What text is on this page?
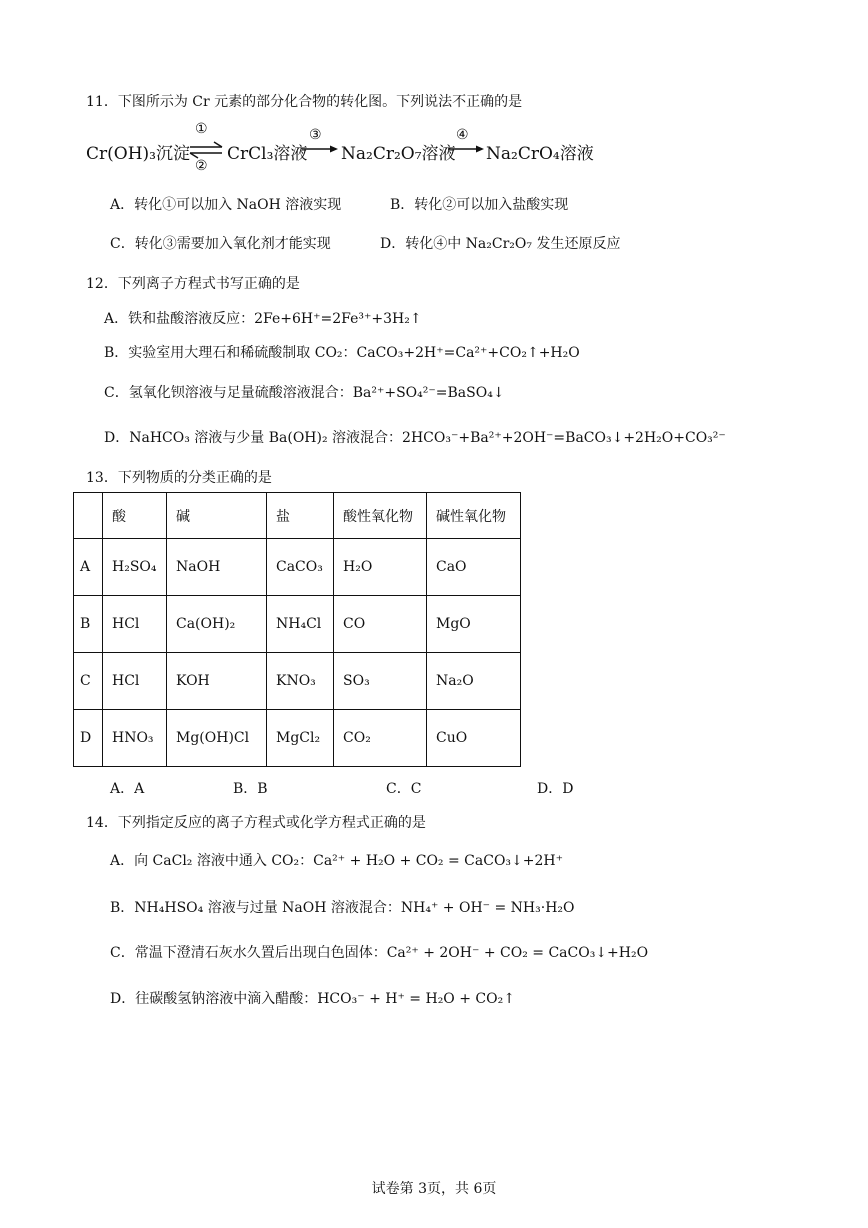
11．下图所示为 Cr 元素的部分化合物的转化图。下列说法不正确的是
Cr(OH)₃沉淀
①
②
⇌ CrCl₃溶液
③
Na₂Cr₂O₇溶液
④
Na₂CrO₄溶液
A．转化①可以加入 NaOH 溶液实现	B．转化②可以加入盐酸实现
C．转化③需要加入氧化剂才能实现	D．转化④中 Na₂Cr₂O₇ 发生还原反应
12．下列离子方程式书写正确的是
A．铁和盐酸溶液反应：2Fe+6H⁺=2Fe³⁺+3H₂↑
B．实验室用大理石和稀硫酸制取 CO₂：CaCO₃+2H⁺=Ca²⁺+CO₂↑+H₂O
C．氢氧化钡溶液与足量硫酸溶液混合：Ba²⁺+SO₄²⁻=BaSO₄↓
D．NaHCO₃ 溶液与少量 Ba(OH)₂ 溶液混合：2HCO₃⁻+Ba²⁺+2OH⁻=BaCO₃↓+2H₂O+CO₃²⁻
13．下列物质的分类正确的是
	酸	碱	盐	酸性氧化物	碱性氧化物
A	H₂SO₄	NaOH	CaCO₃	H₂O	CaO
B	HCl	Ca(OH)₂	NH₄Cl	CO	MgO
C	HCl	KOH	KNO₃	SO₃	Na₂O
D	HNO₃	Mg(OH)Cl	MgCl₂	CO₂	CuO
A．A	B．B	C．C	D．D
14．下列指定反应的离子方程式或化学方程式正确的是
A．向 CaCl₂ 溶液中通入 CO₂：Ca²⁺ + H₂O + CO₂ = CaCO₃↓+2H⁺
B．NH₄HSO₄ 溶液与过量 NaOH 溶液混合：NH₄⁺ + OH⁻ = NH₃·H₂O
C．常温下澄清石灰水久置后出现白色固体：Ca²⁺ + 2OH⁻ + CO₂ = CaCO₃↓+H₂O
D．往碳酸氢钠溶液中滴入醋酸：HCO₃⁻ + H⁺ = H₂O + CO₂↑
试卷第 3页，共 6页
